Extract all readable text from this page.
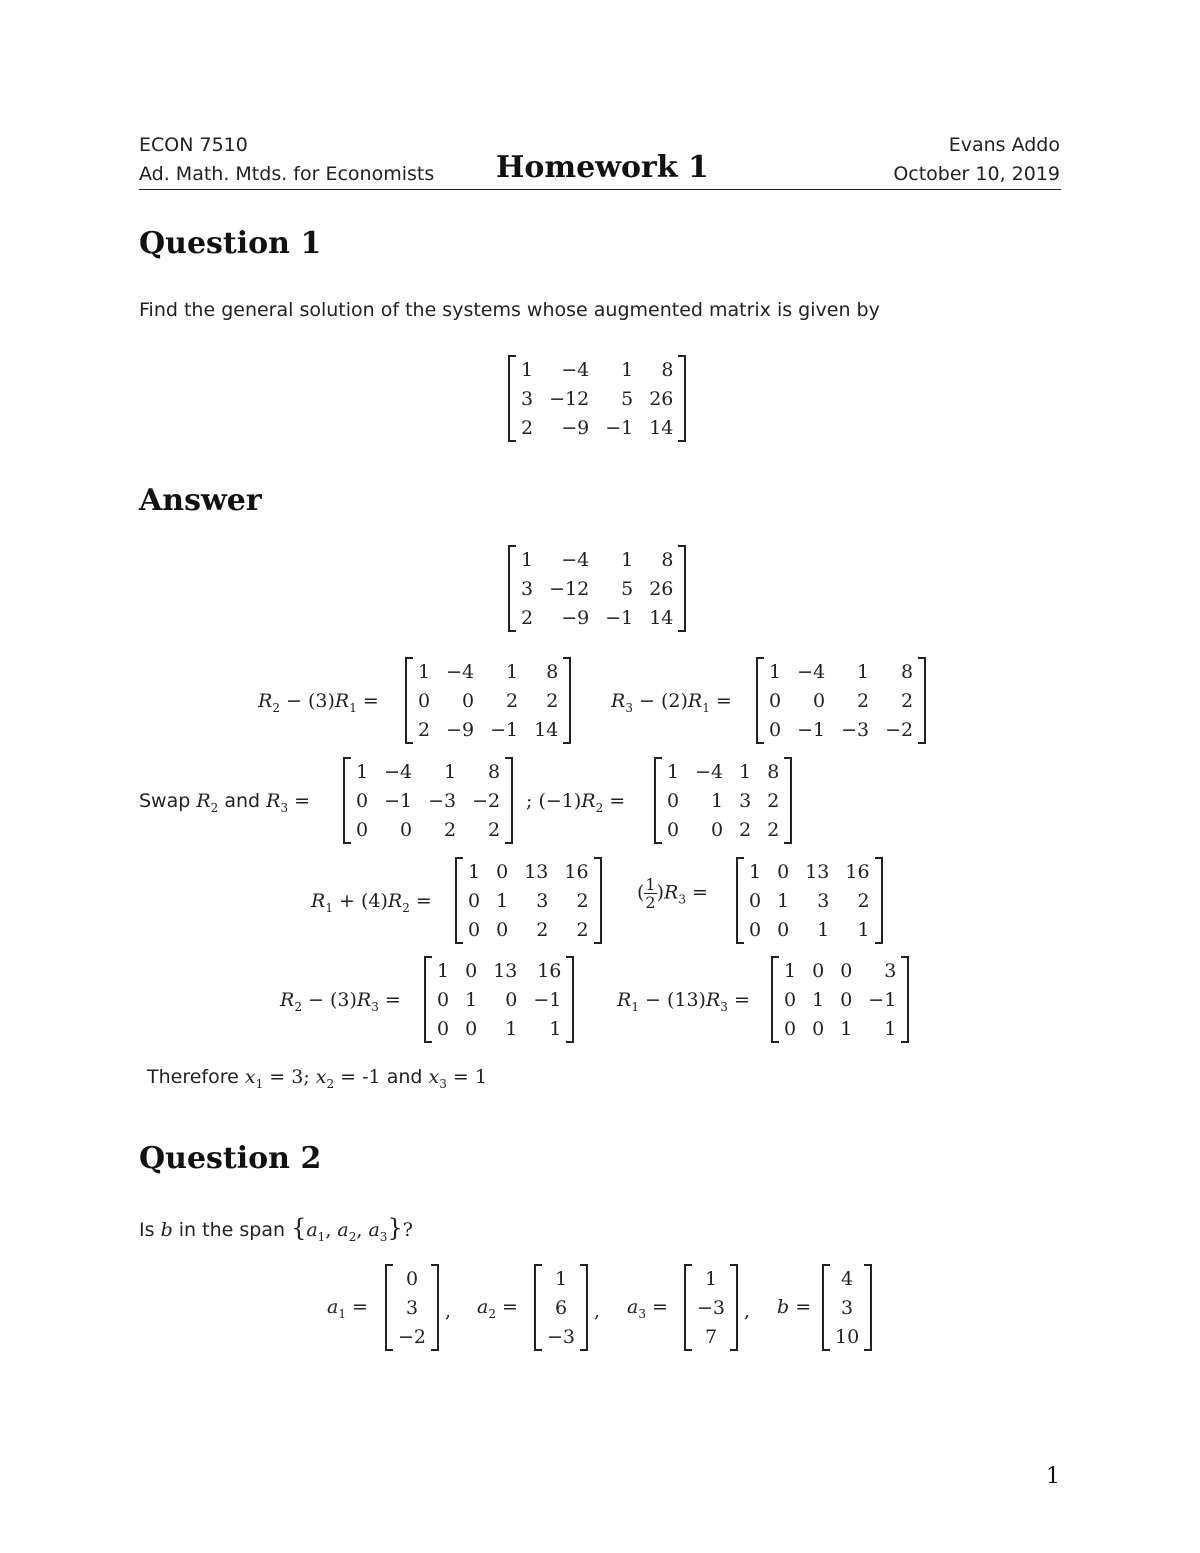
ECON 7510
Ad. Math. Mtds. for Economists Homework 1
Evans Addo
October 10, 2019
Question 1
Find the general solution of the systems whose augmented matrix is given by
1	−4	1	8
3	−12	5	26
2	−9	−1	14
Answer
1	−4	1	8
3	−12	5	26
2	−9	−1	14
$R_2 - (3)R_1$ =
1	−4	1	8
0	0	2	2
2	−9	−1	14
$R_3 - (2)R_1$ =
1	−4	1	8
0	0	2	2
0	−1	−3	−2
Swap $R_2$ and $R_3$ =
1	−4	1	8
0	−1	−3	−2
0	0	2	2
; $(-1)R_2$ =
1	−4	1	8
0	1	3	2
0	0	2	2
$R_1 + (4)R_2$ =
1	0	13	16
0	1	3	2
0	0	2	2
( $\frac{1}{2} )R_3$ =
1	0	13	16
0	1	3	2
0	0	1	1
$R_2 - (3)R_3$ =
1	0	13	16
0	1	0	−1
0	0	1	1
$R_1 - (13)R_3$ =
1	0	0	3
0	1	0	−1
0	0	1	1
Therefore $x_1 = 3$; $x_2 = -1$ and $x_3 = 1$
Question 2
Is b in the span {$a_1$, $a_2$, $a_3$}?
$a_1$ =
0
3
−2
, $a_2$ =
1
6
−3
, $a_3$ =
1
−3
7
, b =
4
3
10
1
